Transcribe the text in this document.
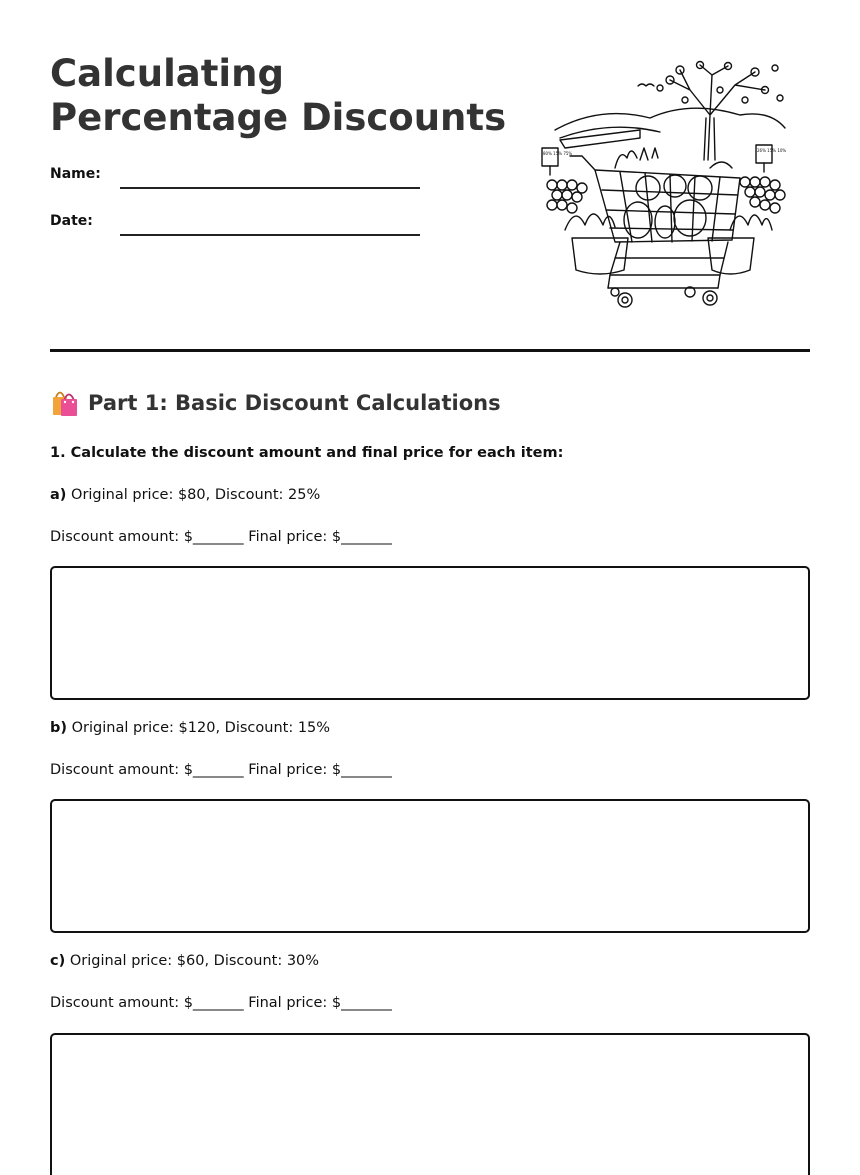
Calculating Percentage Discounts
Name:
Date:
80% 15% 75%
26% 15% 10%
Part 1: Basic Discount Calculations
1. Calculate the discount amount and final price for each item:
a) Original price: $80, Discount: 25%
Discount amount: $_______ Final price: $_______
b) Original price: $120, Discount: 15%
Discount amount: $_______ Final price: $_______
c) Original price: $60, Discount: 30%
Discount amount: $_______ Final price: $_______
